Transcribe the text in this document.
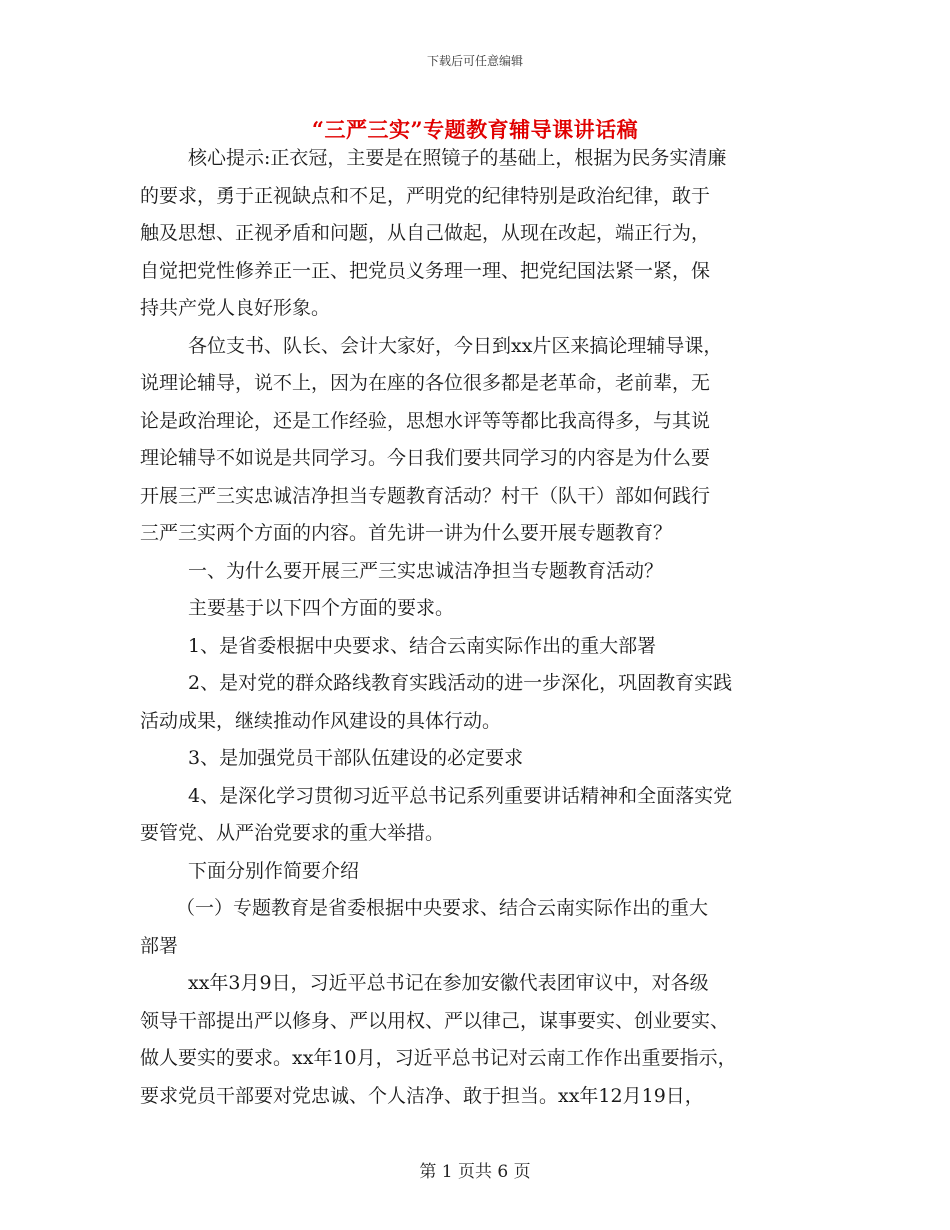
下载后可任意编辑
“三严三实”专题教育辅导课讲话稿
核心提示:正衣冠，主要是在照镜子的基础上，根据为民务实清廉
的要求，勇于正视缺点和不足，严明党的纪律特别是政治纪律，敢于
触及思想、正视矛盾和问题，从自己做起，从现在改起，端正行为，
自觉把党性修养正一正、把党员义务理一理、把党纪国法紧一紧，保
持共产党人良好形象。
各位支书、队长、会计大家好，今日到xx片区来搞论理辅导课，
说理论辅导，说不上，因为在座的各位很多都是老革命，老前辈，无
论是政治理论，还是工作经验，思想水评等等都比我高得多，与其说
理论辅导不如说是共同学习。今日我们要共同学习的内容是为什么要
开展三严三实忠诚洁净担当专题教育活动？村干（队干）部如何践行
三严三实两个方面的内容。首先讲一讲为什么要开展专题教育？
一、为什么要开展三严三实忠诚洁净担当专题教育活动？
主要基于以下四个方面的要求。
1、是省委根据中央要求、结合云南实际作出的重大部署
2、是对党的群众路线教育实践活动的进一步深化，巩固教育实践
活动成果，继续推动作风建设的具体行动。
3、是加强党员干部队伍建设的必定要求
4、是深化学习贯彻习近平总书记系列重要讲话精神和全面落实党
要管党、从严治党要求的重大举措。
下面分别作简要介绍
（一）专题教育是省委根据中央要求、结合云南实际作出的重大
部署
xx年3月9日，习近平总书记在参加安徽代表团审议中，对各级
领导干部提出严以修身、严以用权、严以律己，谋事要实、创业要实、
做人要实的要求。xx年10月，习近平总书记对云南工作作出重要指示，
要求党员干部要对党忠诚、个人洁净、敢于担当。xx年12月19日，
第 1 页共 6 页
